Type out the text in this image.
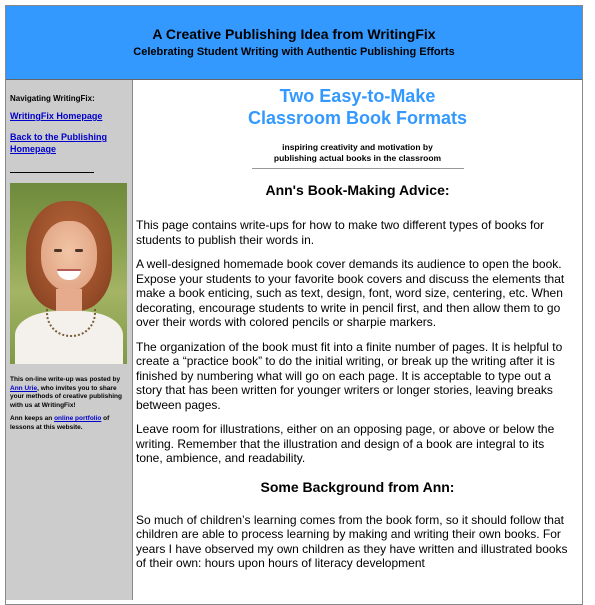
A Creative Publishing Idea from WritingFix
Celebrating Student Writing with Authentic Publishing Efforts
Navigating WritingFix:
WritingFix Homepage
Back to the Publishing Homepage
This on-line write-up was posted by Ann Urie, who invites you to share your methods of creative publishing with us at WritingFix!
Ann keeps an online portfolio of lessons at this website.
Two Easy-to-Make
Classroom Book Formats
inspiring creativity and motivation by
publishing actual books in the classroom
Ann's Book-Making Advice:

This page contains write-ups for how to make two different types of books for students to publish their words in.

A well-designed homemade book cover demands its audience to open the book. Expose your students to your favorite book covers and discuss the elements that make a book enticing, such as text, design, font, word size, centering, etc. When decorating, encourage students to write in pencil first, and then allow them to go over their words with colored pencils or sharpie markers.

The organization of the book must fit into a finite number of pages. It is helpful to create a “practice book” to do the initial writing, or break up the writing after it is finished by numbering what will go on each page. It is acceptable to type out a story that has been written for younger writers or longer stories, leaving breaks between pages.

Leave room for illustrations, either on an opposing page, or above or below the writing. Remember that the illustration and design of a book are integral to its tone, ambience, and readability.

Some Background from Ann:

So much of children’s learning comes from the book form, so it should follow that children are able to process learning by making and writing their own books. For years I have observed my own children as they have written and illustrated books of their own: hours upon hours of literacy development
